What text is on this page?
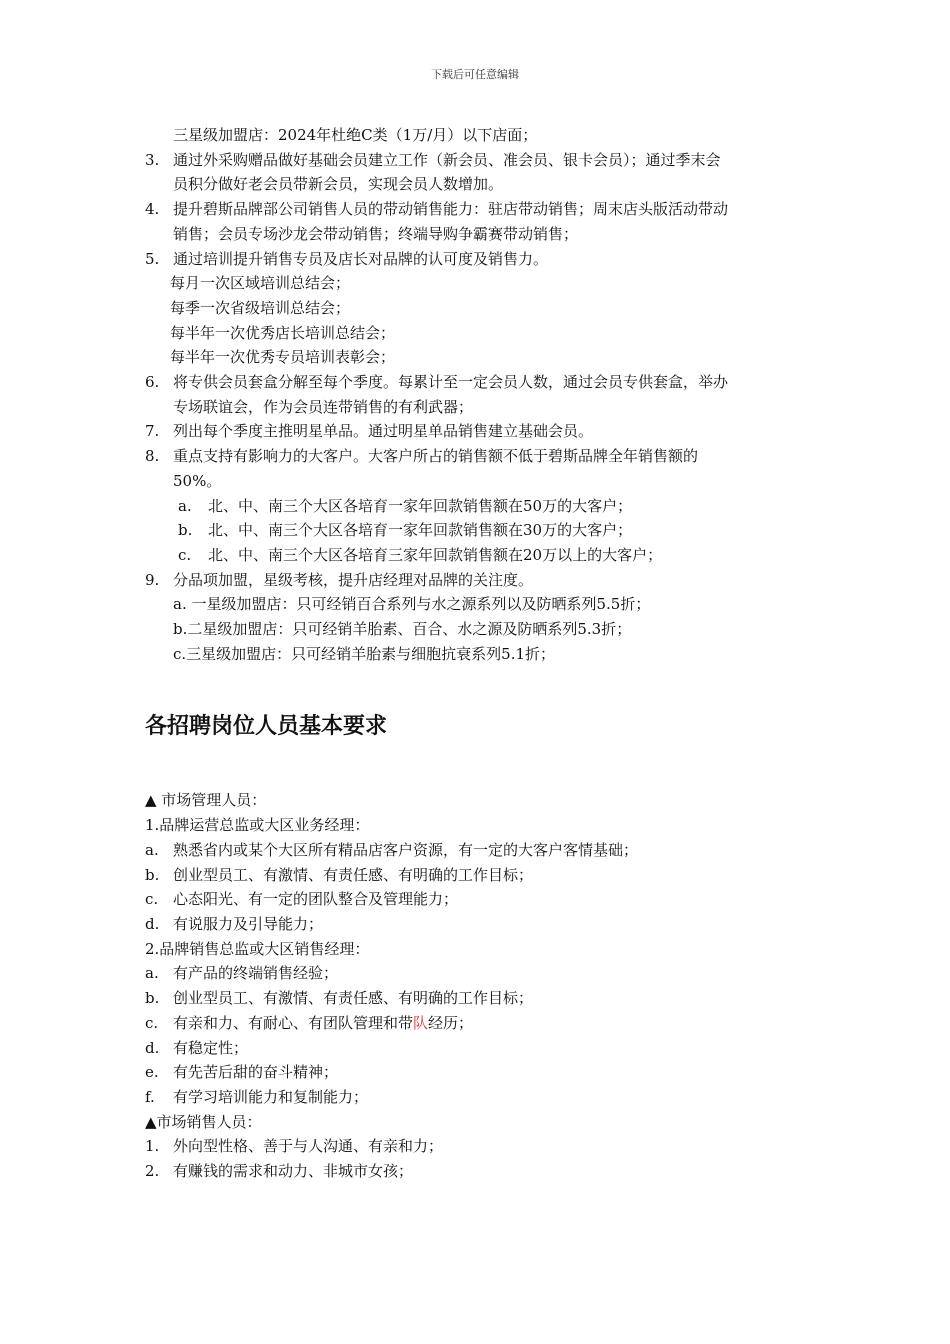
下载后可任意编辑
三星级加盟店：2024年杜绝C类（1万/月）以下店面；
3. 通过外采购赠品做好基础会员建立工作（新会员、准会员、银卡会员）；通过季末会
员积分做好老会员带新会员，实现会员人数增加。
4. 提升碧斯品牌部公司销售人员的带动销售能力：驻店带动销售；周末店头版活动带动
销售；会员专场沙龙会带动销售；终端导购争霸赛带动销售；
5. 通过培训提升销售专员及店长对品牌的认可度及销售力。
每月一次区域培训总结会；
每季一次省级培训总结会；
每半年一次优秀店长培训总结会；
每半年一次优秀专员培训表彰会；
6. 将专供会员套盒分解至每个季度。每累计至一定会员人数，通过会员专供套盒，举办
专场联谊会，作为会员连带销售的有利武器；
7. 列出每个季度主推明星单品。通过明星单品销售建立基础会员。
8. 重点支持有影响力的大客户。大客户所占的销售额不低于碧斯品牌全年销售额的
50%。
a. 北、中、南三个大区各培育一家年回款销售额在50万的大客户；
b. 北、中、南三个大区各培育一家年回款销售额在30万的大客户；
c. 北、中、南三个大区各培育三家年回款销售额在20万以上的大客户；
9. 分品项加盟，星级考核，提升店经理对品牌的关注度。
a. 一星级加盟店：只可经销百合系列与水之源系列以及防晒系列5.5折；
b.二星级加盟店：只可经销羊胎素、百合、水之源及防晒系列5.3折；
c.三星级加盟店：只可经销羊胎素与细胞抗衰系列5.1折；
各招聘岗位人员基本要求
▲ 市场管理人员：
1.品牌运营总监或大区业务经理：
a. 熟悉省内或某个大区所有精品店客户资源，有一定的大客户客情基础；
b. 创业型员工、有激情、有责任感、有明确的工作目标；
c. 心态阳光、有一定的团队整合及管理能力；
d. 有说服力及引导能力；
2.品牌销售总监或大区销售经理：
a. 有产品的终端销售经验；
b. 创业型员工、有激情、有责任感、有明确的工作目标；
c. 有亲和力、有耐心、有团队管理和带队经历；
d. 有稳定性；
e. 有先苦后甜的奋斗精神；
f. 有学习培训能力和复制能力；
▲市场销售人员：
1. 外向型性格、善于与人沟通、有亲和力；
2. 有赚钱的需求和动力、非城市女孩；
